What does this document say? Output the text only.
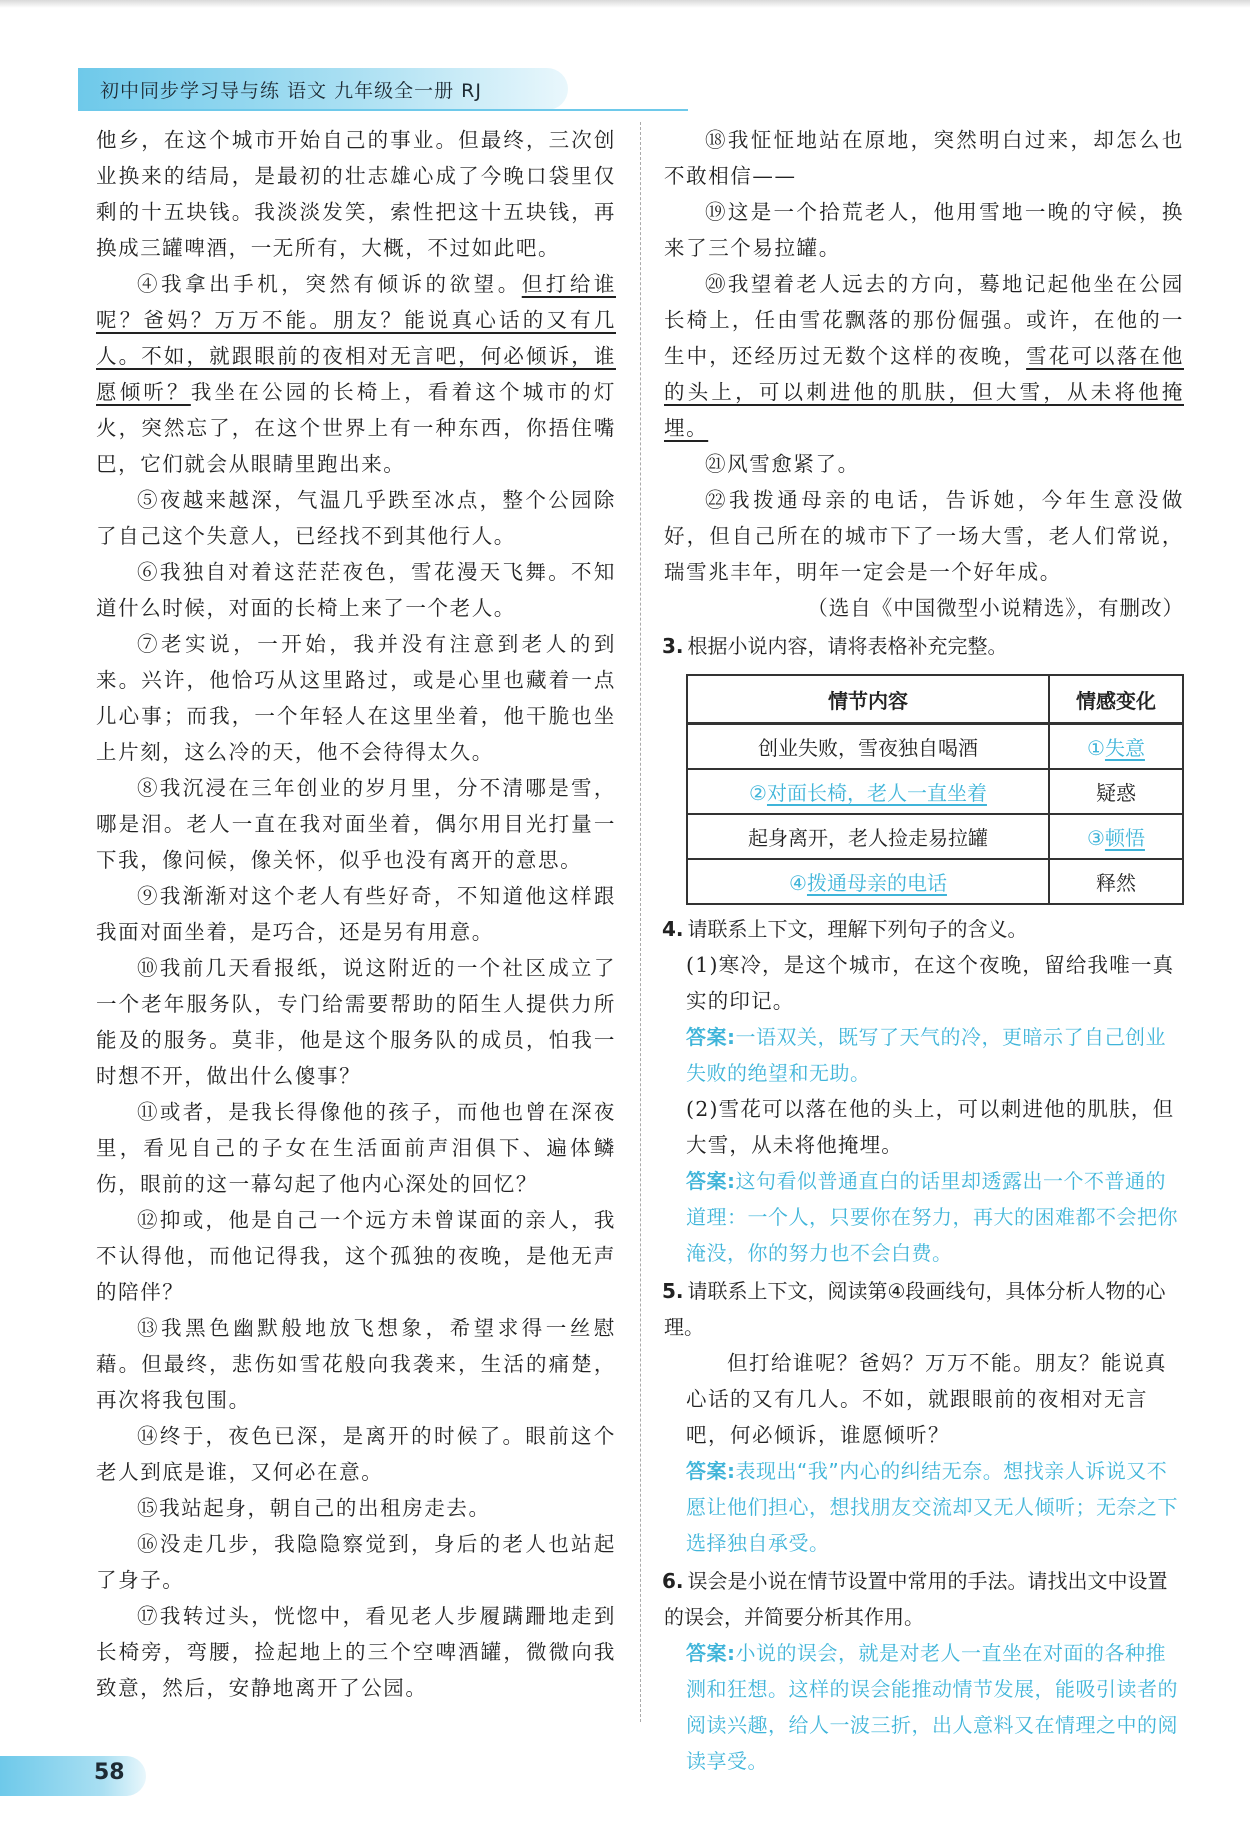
初中同步学习导与练 语文 九年级全一册 RJ

他乡，在这个城市开始自己的事业。但最终，三次创业换来的结局，是最初的壮志雄心成了今晚口袋里仅剩的十五块钱。我淡淡发笑，索性把这十五块钱，再换成三罐啤酒，一无所有，大概，不过如此吧。

④我拿出手机，突然有倾诉的欲望。但打给谁呢？爸妈？万万不能。朋友？能说真心话的又有几人。不如，就跟眼前的夜相对无言吧，何必倾诉，谁愿倾听？我坐在公园的长椅上，看着这个城市的灯火，突然忘了，在这个世界上有一种东西，你捂住嘴巴，它们就会从眼睛里跑出来。

⑤夜越来越深，气温几乎跌至冰点，整个公园除了自己这个失意人，已经找不到其他行人。

⑥我独自对着这茫茫夜色，雪花漫天飞舞。不知道什么时候，对面的长椅上来了一个老人。

⑦老实说，一开始，我并没有注意到老人的到来。兴许，他恰巧从这里路过，或是心里也藏着一点儿心事；而我，一个年轻人在这里坐着，他干脆也坐上片刻，这么冷的天，他不会待得太久。

⑧我沉浸在三年创业的岁月里，分不清哪是雪，哪是泪。老人一直在我对面坐着，偶尔用目光打量一下我，像问候，像关怀，似乎也没有离开的意思。

⑨我渐渐对这个老人有些好奇，不知道他这样跟我面对面坐着，是巧合，还是另有用意。

⑩我前几天看报纸，说这附近的一个社区成立了一个老年服务队，专门给需要帮助的陌生人提供力所能及的服务。莫非，他是这个服务队的成员，怕我一时想不开，做出什么傻事？

⑪或者，是我长得像他的孩子，而他也曾在深夜里，看见自己的子女在生活面前声泪俱下、遍体鳞伤，眼前的这一幕勾起了他内心深处的回忆？

⑫抑或，他是自己一个远方未曾谋面的亲人，我不认得他，而他记得我，这个孤独的夜晚，是他无声的陪伴？

⑬我黑色幽默般地放飞想象，希望求得一丝慰藉。但最终，悲伤如雪花般向我袭来，生活的痛楚，再次将我包围。

⑭终于，夜色已深，是离开的时候了。眼前这个老人到底是谁，又何必在意。

⑮我站起身，朝自己的出租房走去。

⑯没走几步，我隐隐察觉到，身后的老人也站起了身子。

⑰我转过头，恍惚中，看见老人步履蹒跚地走到长椅旁，弯腰，捡起地上的三个空啤酒罐，微微向我致意，然后，安静地离开了公园。

⑱我怔怔地站在原地，突然明白过来，却怎么也不敢相信——

⑲这是一个拾荒老人，他用雪地一晚的守候，换来了三个易拉罐。

⑳我望着老人远去的方向，蓦地记起他坐在公园长椅上，任由雪花飘落的那份倔强。或许，在他的一生中，还经历过无数个这样的夜晚，雪花可以落在他的头上，可以刺进他的肌肤，但大雪，从未将他掩埋。

㉑风雪愈紧了。

㉒我拨通母亲的电话，告诉她，今年生意没做好，但自己所在的城市下了一场大雪，老人们常说，瑞雪兆丰年，明年一定会是一个好年成。

（选自《中国微型小说精选》，有删改）

3. 根据小说内容，请将表格补充完整。

情节内容	情感变化
创业失败，雪夜独自喝酒	①失意
②对面长椅，老人一直坐着	疑惑
起身离开，老人捡走易拉罐	③顿悟
④拨通母亲的电话	释然

4. 请联系上下文，理解下列句子的含义。

(1)寒冷，是这个城市，在这个夜晚，留给我唯一真实的印记。

答案:一语双关，既写了天气的冷，更暗示了自己创业失败的绝望和无助。

(2)雪花可以落在他的头上，可以刺进他的肌肤，但大雪，从未将他掩埋。

答案:这句看似普通直白的话里却透露出一个不普通的道理：一个人，只要你在努力，再大的困难都不会把你淹没，你的努力也不会白费。

5. 请联系上下文，阅读第④段画线句，具体分析人物的心理。

但打给谁呢？爸妈？万万不能。朋友？能说真心话的又有几人。不如，就跟眼前的夜相对无言吧，何必倾诉，谁愿倾听？

答案:表现出“我”内心的纠结无奈。想找亲人诉说又不愿让他们担心，想找朋友交流却又无人倾听；无奈之下选择独自承受。

6. 误会是小说在情节设置中常用的手法。请找出文中设置的误会，并简要分析其作用。

答案:小说的误会，就是对老人一直坐在对面的各种推测和狂想。这样的误会能推动情节发展，能吸引读者的阅读兴趣，给人一波三折，出人意料又在情理之中的阅读享受。

58
